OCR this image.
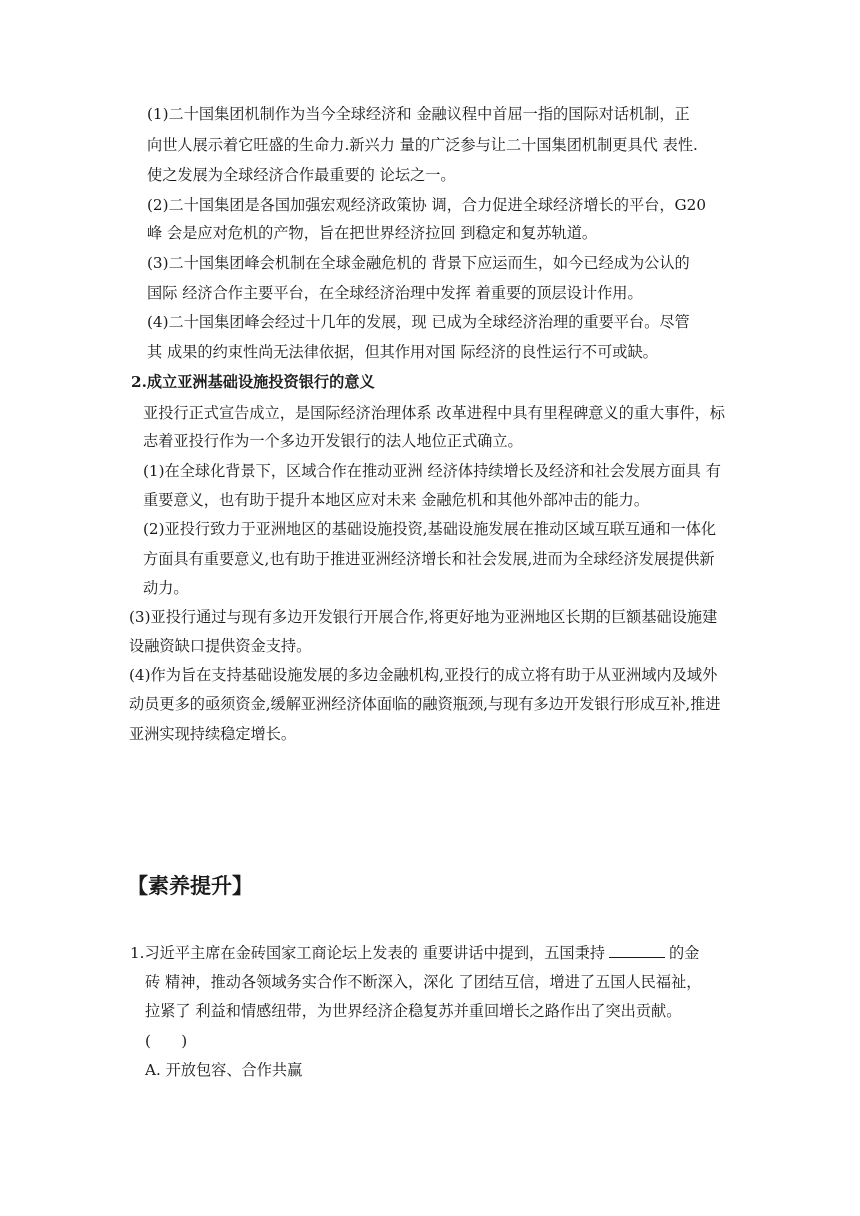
(1)二十国集团机制作为当今全球经济和 金融议程中首屈一指的国际对话机制，正
向世人展示着它旺盛的生命力.新兴力 量的广泛参与让二十国集团机制更具代 表性.
使之发展为全球经济合作最重要的 论坛之一。
(2)二十国集团是各国加强宏观经济政策协 调，合力促进全球经济增长的平台，G20
峰 会是应对危机的产物，旨在把世界经济拉回 到稳定和复苏轨道。
(3)二十国集团峰会机制在全球金融危机的 背景下应运而生，如今已经成为公认的
国际 经济合作主要平台，在全球经济治理中发挥 着重要的顶层设计作用。
(4)二十国集团峰会经过十几年的发展，现 已成为全球经济治理的重要平台。尽管
其 成果的约束性尚无法律依据，但其作用对国 际经济的良性运行不可或缺。
2.成立亚洲基础设施投资银行的意义
亚投行正式宣告成立，是国际经济治理体系 改革进程中具有里程碑意义的重大事件，标
志着亚投行作为一个多边开发银行的法人地位正式确立。
(1)在全球化背景下，区域合作在推动亚洲 经济体持续增长及经济和社会发展方面具 有
重要意义，也有助于提升本地区应对未来 金融危机和其他外部冲击的能力。
(2)亚投行致力于亚洲地区的基础设施投资,基础设施发展在推动区域互联互通和一体化
方面具有重要意义,也有助于推进亚洲经济增长和社会发展,进而为全球经济发展提供新
动力。
(3)亚投行通过与现有多边开发银行开展合作,将更好地为亚洲地区长期的巨额基础设施建
设融资缺口提供资金支持。
(4)作为旨在支持基础设施发展的多边金融机构,亚投行的成立将有助于从亚洲域内及域外
动员更多的亟须资金,缓解亚洲经济体面临的融资瓶颈,与现有多边开发银行形成互补,推进
亚洲实现持续稳定增长。
【素养提升】
1.习近平主席在金砖国家工商论坛上发表的 重要讲话中提到，五国秉持	的金
砖 精神，推动各领域务实合作不断深入，深化 了团结互信，增进了五国人民福祉，
拉紧了 利益和情感纽带，为世界经济企稳复苏并重回增长之路作出了突出贡献。
(　　)
A. 开放包容、合作共赢
